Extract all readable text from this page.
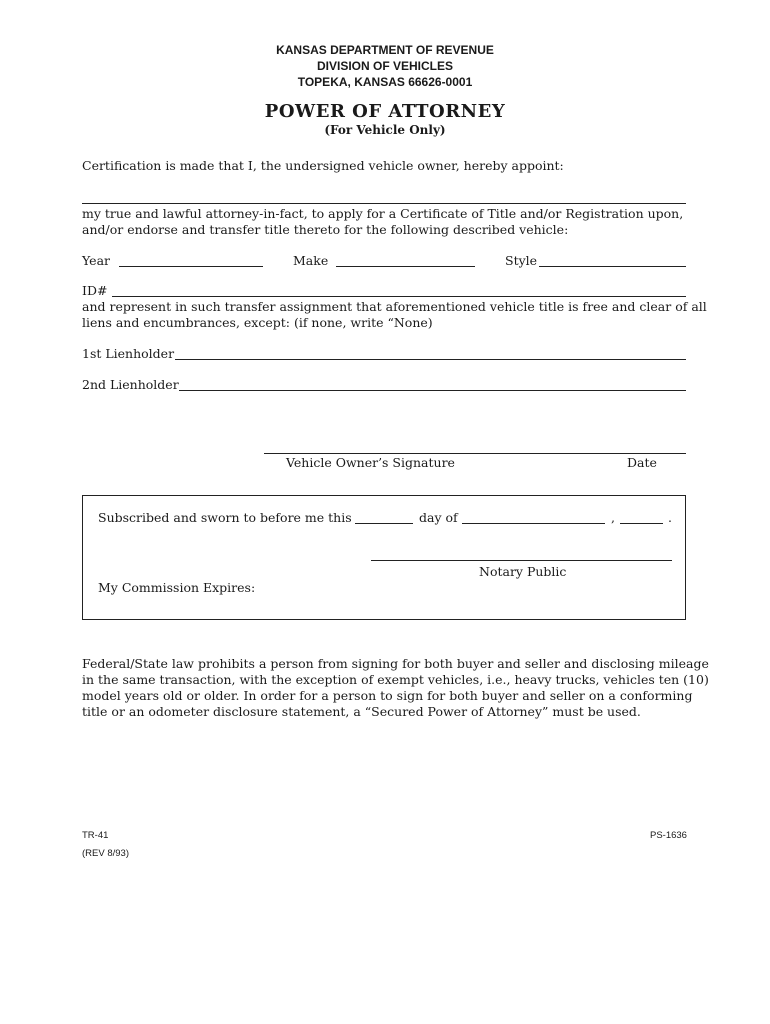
KANSAS DEPARTMENT OF REVENUE
DIVISION OF VEHICLES
TOPEKA, KANSAS 66626-0001
POWER OF ATTORNEY
(For Vehicle Only)
Certification is made that I, the undersigned vehicle owner, hereby appoint:
my true and lawful attorney-in-fact, to apply for a Certificate of Title and/or Registration upon,
and/or endorse and transfer title thereto for the following described vehicle:
Year	Make	Style
ID#
and represent in such transfer assignment that aforementioned vehicle title is free and clear of all
liens and encumbrances, except: (if none, write “None)
1st Lienholder
2nd Lienholder
Vehicle Owner’s Signature	Date
Subscribed and sworn to before me this	day of	,	.
Notary Public
My Commission Expires:
Federal/State law prohibits a person from signing for both buyer and seller and disclosing mileage
in the same transaction, with the exception of exempt vehicles, i.e., heavy trucks, vehicles ten (10)
model years old or older. In order for a person to sign for both buyer and seller on a conforming
title or an odometer disclosure statement, a “Secured Power of Attorney” must be used.
TR-41
(REV 8/93)
PS-1636
